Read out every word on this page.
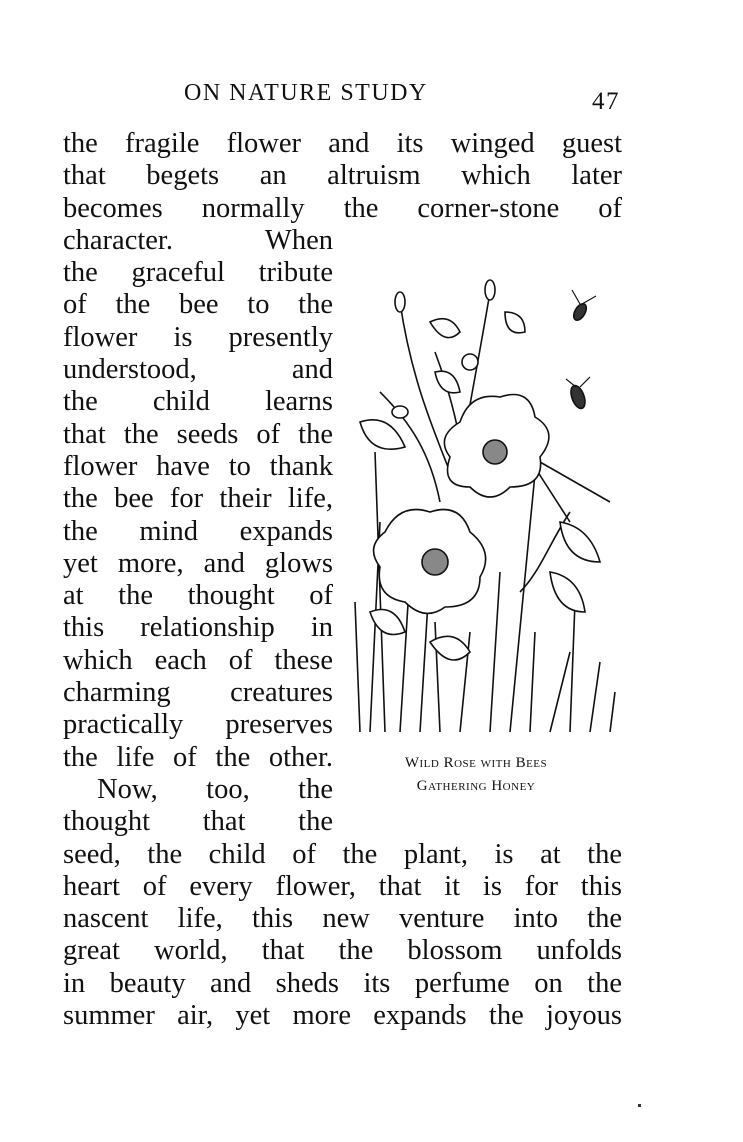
ON NATURE STUDY	47
the fragile flower and its winged guest
that begets an altruism which later
becomes normally the corner-stone of
character. When
the graceful tribute
of the bee to the
flower is presently
understood, and
the child learns
that the seeds of the
flower have to thank
the bee for their life,
the mind expands
yet more, and glows
at the thought of
this relationship in
which each of these
charming creatures
practically preserves
the life of the other.
Now, too, the
thought that the
seed, the child of the plant, is at the
heart of every flower, that it is for this
nascent life, this new venture into the
great world, that the blossom unfolds
in beauty and sheds its perfume on the
summer air, yet more expands the joyous
Wild Rose with Bees
Gathering Honey
